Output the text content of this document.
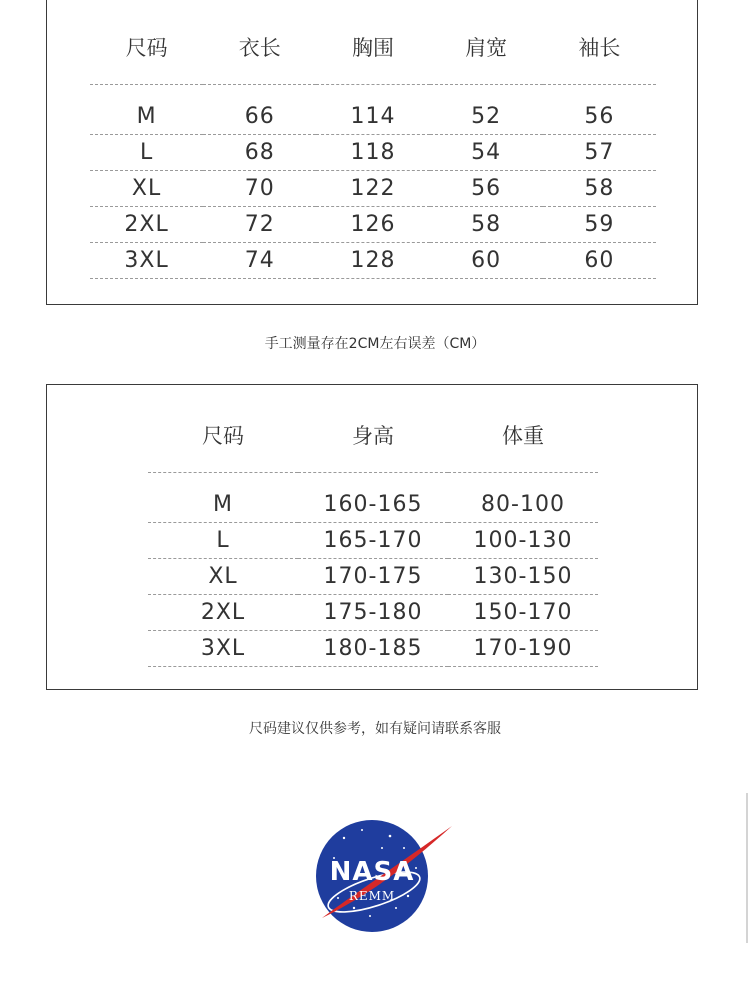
尺码	衣长	胸围	肩宽	袖长

M	66	114	52	56
L	68	118	54	57
XL	70	122	56	58
2XL	72	126	58	59
3XL	74	128	60	60
手工测量存在2CM左右误差（CM）
尺码	身高	体重

M	160-165	80-100
L	165-170	100-130
XL	170-175	130-150
2XL	175-180	150-170
3XL	180-185	170-190
尺码建议仅供参考，如有疑问请联系客服
NASA
REMM
